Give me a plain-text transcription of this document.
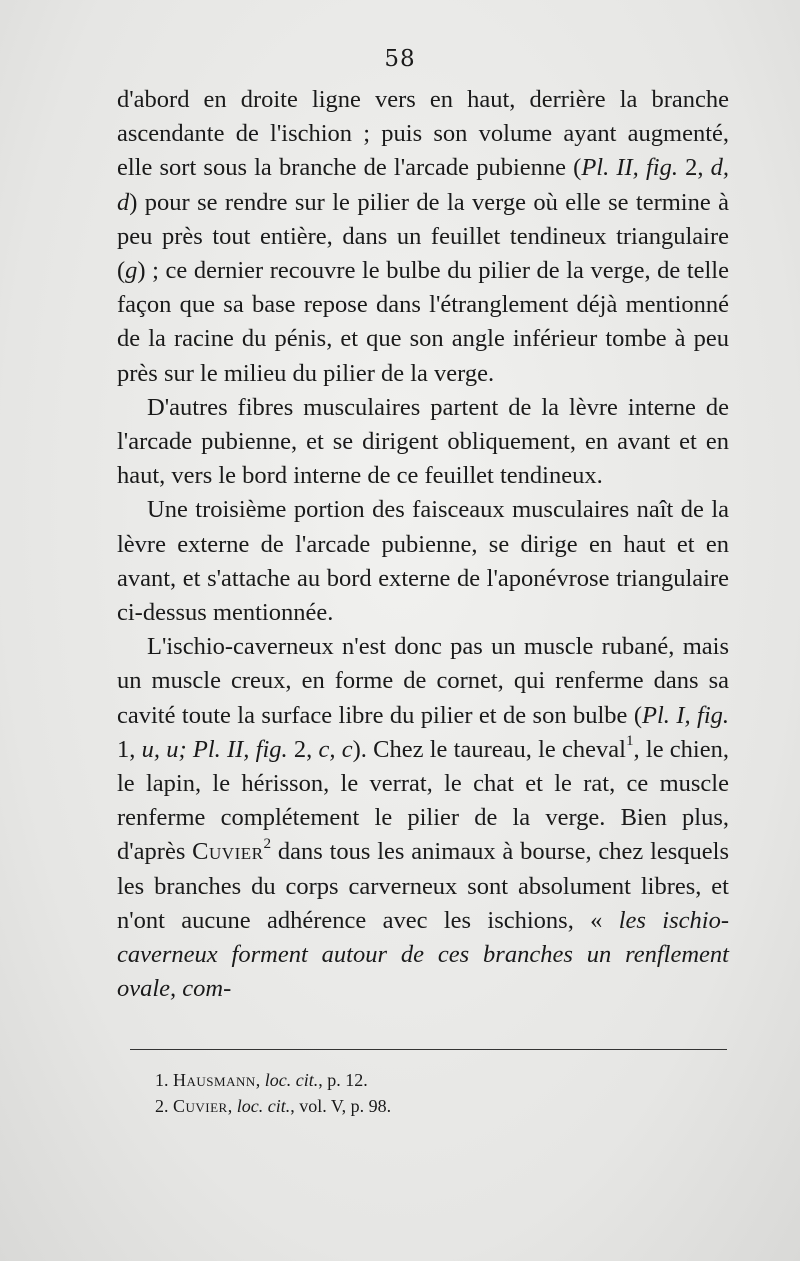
58

d'abord en droite ligne vers en haut, derrière la branche ascendante de l'ischion ; puis son volume ayant augmenté, elle sort sous la branche de l'arcade pubienne (Pl. II, fig. 2, d, d) pour se rendre sur le pilier de la verge où elle se termine à peu près tout entière, dans un feuillet tendineux triangulaire (g) ; ce dernier recouvre le bulbe du pilier de la verge, de telle façon que sa base repose dans l'étranglement déjà mentionné de la racine du pénis, et que son angle inférieur tombe à peu près sur le milieu du pilier de la verge.

D'autres fibres musculaires partent de la lèvre interne de l'arcade pubienne, et se dirigent obliquement, en avant et en haut, vers le bord interne de ce feuillet tendineux.

Une troisième portion des faisceaux musculaires naît de la lèvre externe de l'arcade pubienne, se dirige en haut et en avant, et s'attache au bord externe de l'aponévrose triangulaire ci-dessus mentionnée.

L'ischio-caverneux n'est donc pas un muscle rubané, mais un muscle creux, en forme de cornet, qui renferme dans sa cavité toute la surface libre du pilier et de son bulbe (Pl. I, fig. 1, u, u; Pl. II, fig. 2, c, c). Chez le taureau, le cheval$^1$, le chien, le lapin, le hérisson, le verrat, le chat et le rat, ce muscle renferme complétement le pilier de la verge. Bien plus, d'après Cuvier$^2$ dans tous les animaux à bourse, chez lesquels les branches du corps carverneux sont absolument libres, et n'ont aucune adhérence avec les ischions, « les ischio-caverneux forment autour de ces branches un renflement ovale, com-

1. Hausmann, loc. cit., p. 12.

2. Cuvier, loc. cit., vol. V, p. 98.
